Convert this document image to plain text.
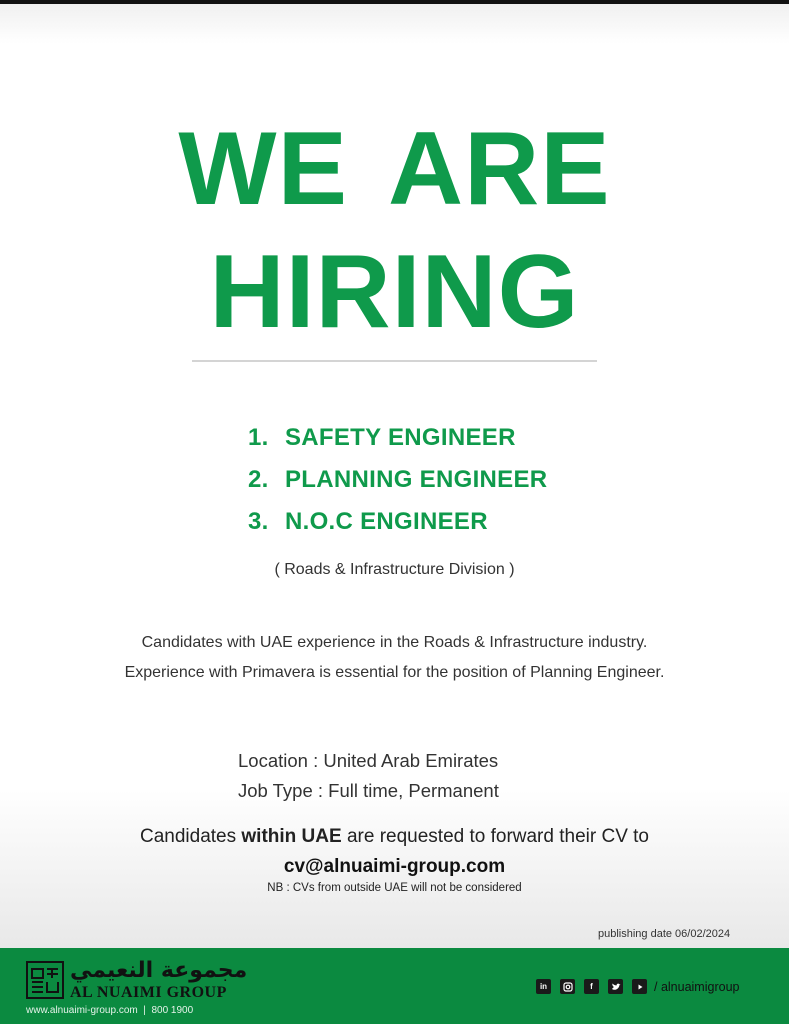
WE ARE
HIRING
1. SAFETY ENGINEER
2. PLANNING ENGINEER
3. N.O.C ENGINEER
( Roads & Infrastructure Division )
Candidates with UAE experience in the Roads & Infrastructure industry.
Experience with Primavera is essential for the position of Planning Engineer.
Location : United Arab Emirates
Job Type : Full time, Permanent
Candidates within UAE are requested to forward their CV to
cv@alnuaimi-group.com
NB : CVs from outside UAE will not be considered
publishing date 06/02/2024
مجموعة النعيمي
AL NUAIMI GROUP
www.alnuaimi-group.com | 800 1900
in	f	/ alnuaimigroup
